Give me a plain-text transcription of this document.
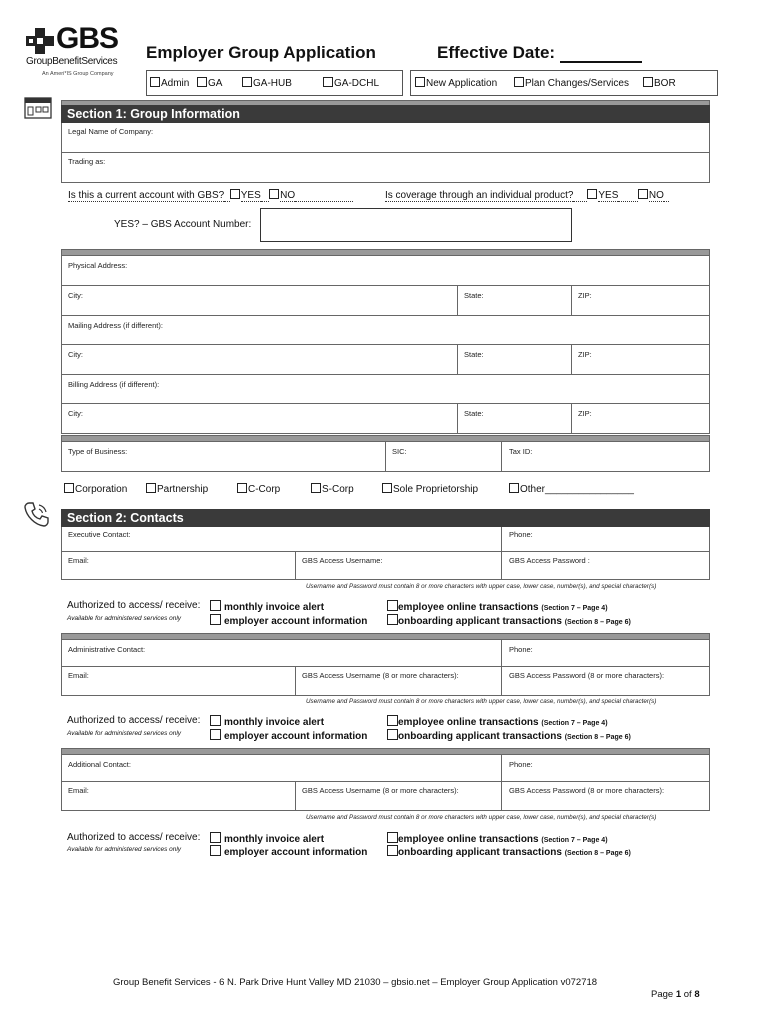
GBS
GroupBenefitServices
An Ameri*IS Group Company
Employer Group Application	Effective Date:
Admin	GA	GA-HUB	GA-DCHL	New Application	Plan Changes/Services	BOR
Section 1: Group Information
Legal Name of Company:
Trading as:
Is this a current account with GBS? YES NO	Is coverage through an individual product? YES	NO
YES? – GBS Account Number:
Physical Address:
City:	State:	ZIP:
Mailing Address (if different):
City:	State:	ZIP:
Billing Address (if different):
City:	State:	ZIP:
Type of Business:	SIC:	Tax ID:
Corporation	Partnership	C-Corp	S-Corp	Sole Proprietorship	Other________________
Section 2: Contacts
Executive Contact:	Phone:
Email:	GBS Access Username:	GBS Access Password :
Username and Password must contain 8 or more characters with upper case, lower case, number(s), and special character(s)
Authorized to access/ receive:
Available for administered services only
monthly invoice alert
employer account information
employee online transactions (Section 7 – Page 4)
onboarding applicant transactions (Section 8 – Page 6)
Administrative Contact:	Phone:
Email:	GBS Access Username (8 or more characters):	GBS Access Password (8 or more characters):
Username and Password must contain 8 or more characters with upper case, lower case, number(s), and special character(s)
Authorized to access/ receive:
Available for administered services only
monthly invoice alert
employer account information
employee online transactions (Section 7 – Page 4)
onboarding applicant transactions (Section 8 – Page 6)
Additional Contact:	Phone:
Email:	GBS Access Username (8 or more characters):	GBS Access Password (8 or more characters):
Username and Password must contain 8 or more characters with upper case, lower case, number(s), and special character(s)
Authorized to access/ receive:
Available for administered services only
monthly invoice alert
employer account information
employee online transactions (Section 7 – Page 4)
onboarding applicant transactions (Section 8 – Page 6)
Group Benefit Services - 6 N. Park Drive Hunt Valley MD 21030 – gbsio.net – Employer Group Application v072718
Page 1 of 8
